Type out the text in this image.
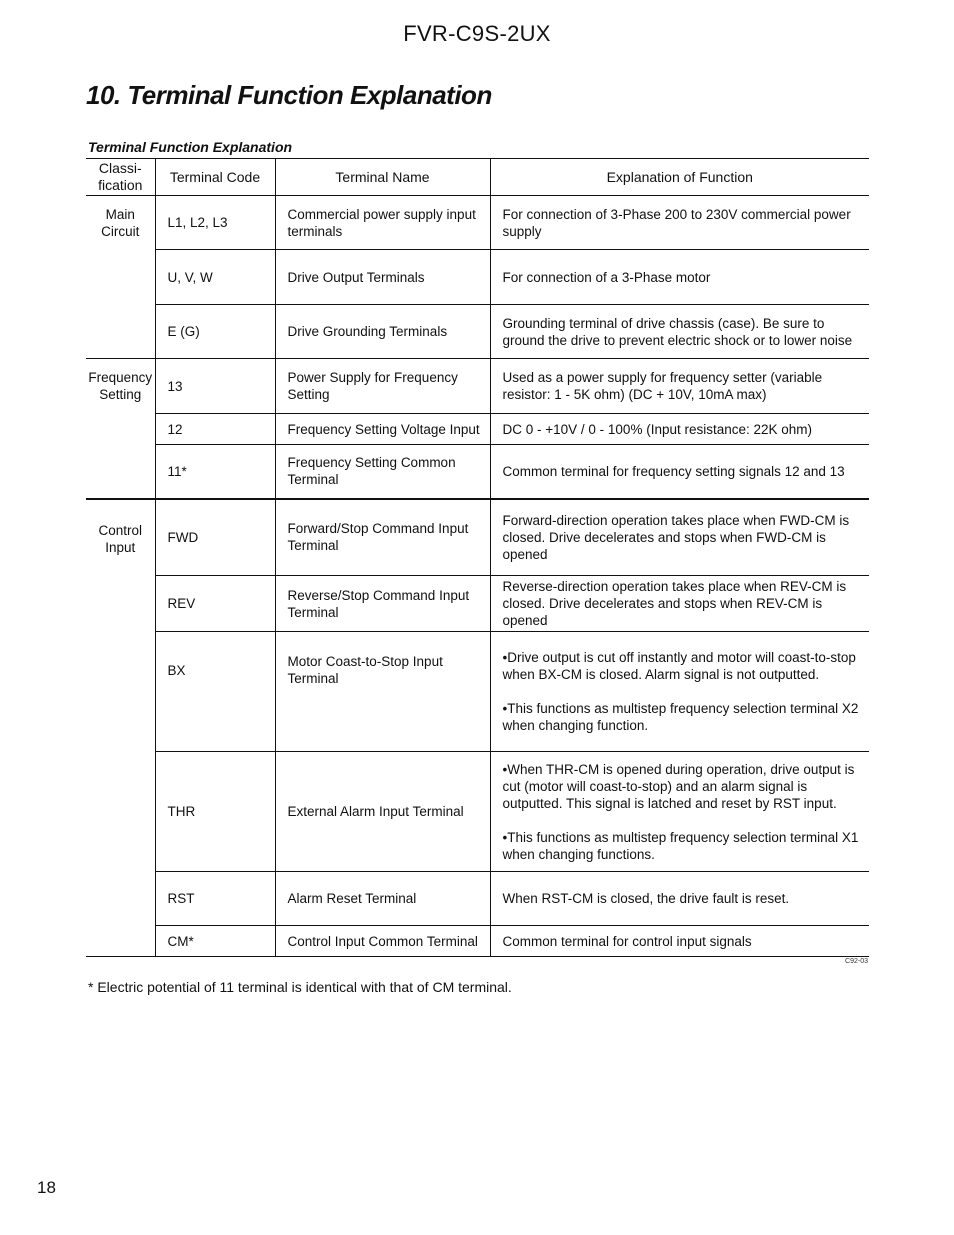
FVR-C9S-2UX
10. Terminal Function Explanation
Terminal Function Explanation
Classi-
fication	Terminal Code	Terminal Name	Explanation of Function
Main
Circuit	L1, L2, L3	Commercial power supply input terminals	For connection of 3-Phase 200 to 230V commercial power supply

	U, V, W	Drive Output Terminals	For connection of a 3-Phase motor

	E (G)	Drive Grounding Terminals	Grounding terminal of drive chassis (case). Be sure to ground the drive to prevent electric shock or to lower noise

Frequency
Setting	13	Power Supply for Frequency Setting	Used as a power supply for frequency setter (variable resistor: 1 - 5K ohm) (DC + 10V, 10mA max)

	12	Frequency Setting Voltage Input	DC 0 - +10V / 0 - 100% (Input resistance: 22K ohm)

	11*	Frequency Setting Common Terminal	Common terminal for frequency setting signals 12 and 13

Control
Input	FWD	Forward/Stop Command Input Terminal	Forward-direction operation takes place when FWD-CM is closed. Drive decelerates and stops when FWD-CM is opened

	REV	Reverse/Stop Command Input Terminal	Reverse-direction operation takes place when REV-CM is closed. Drive decelerates and stops when REV-CM is opened

	BX	Motor Coast-to-Stop Input Terminal	•Drive output is cut off instantly and motor will coast-to-stop when BX-CM is closed. Alarm signal is not outputted.

•This functions as multistep frequency selection terminal X2 when changing function.

	THR	External Alarm Input Terminal	•When THR-CM is opened during operation, drive output is cut (motor will coast-to-stop) and an alarm signal is outputted. This signal is latched and reset by RST input.

•This functions as multistep frequency selection terminal X1 when changing functions.

	RST	Alarm Reset Terminal	When RST-CM is closed, the drive fault is reset.

	CM*	Control Input Common Terminal	Common terminal for control input signals

C92-03
* Electric potential of 11 terminal is identical with that of CM terminal.
18
